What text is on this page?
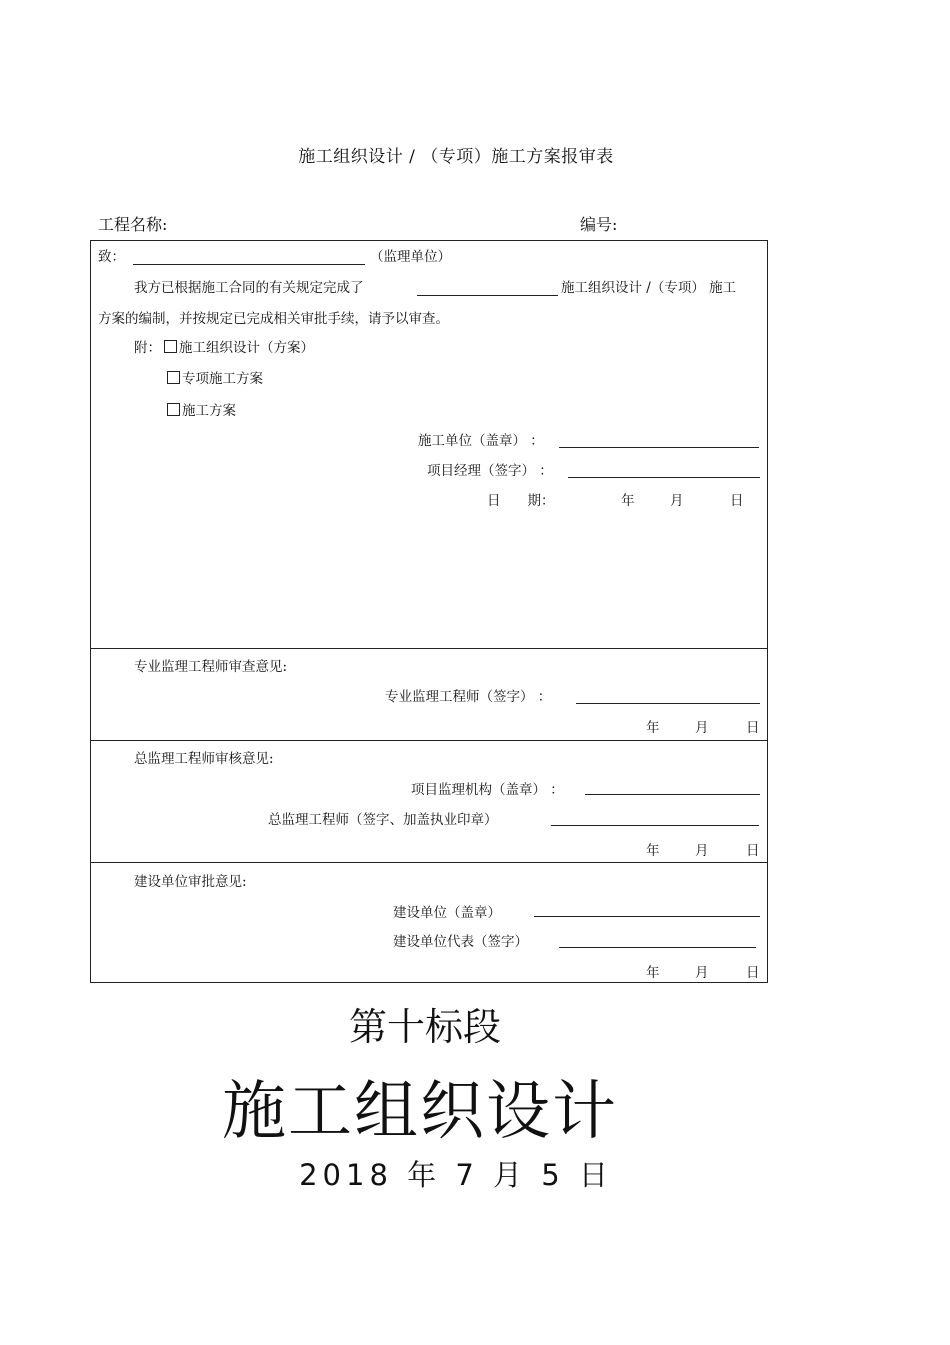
施工组织设计 / （专项）施工方案报审表
工程名称:	编号:
致：	（监理单位）
我方已根据施工合同的有关规定完成了	施工组织设计 /（专项） 施工
方案的编制，并按规定已完成相关审批手续，请予以审查。
附：	施工组织设计（方案）
专项施工方案
施工方案
施工单位（盖章） ：
项目经理（签字） ：
日　　期：	年	月	日
专业监理工程师审查意见:
专业监理工程师（签字） ：
年	月	日
总监理工程师审核意见:
项目监理机构（盖章） ：
总监理工程师（签字、加盖执业印章）
年	月	日
建设单位审批意见:
建设单位（盖章）
建设单位代表（签字）
年	月	日
第十标段
施工组织设计
2018 年 7 月 5 日
